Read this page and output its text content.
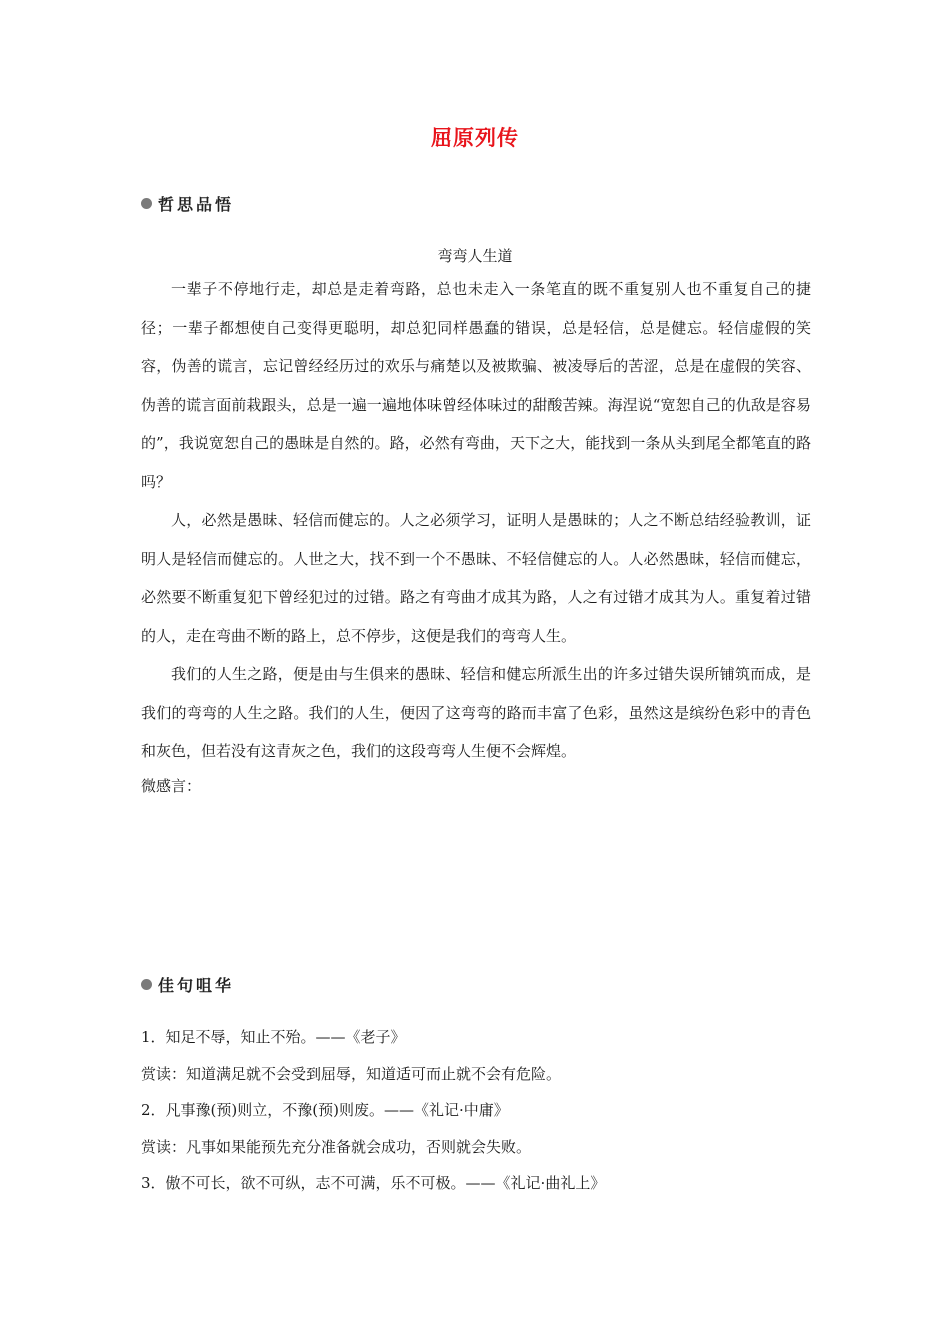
屈原列传
哲思品悟
弯弯人生道

一辈子不停地行走，却总是走着弯路，总也未走入一条笔直的既不重复别人也不重复自己的捷径；一辈子都想使自己变得更聪明，却总犯同样愚蠢的错误，总是轻信，总是健忘。轻信虚假的笑容，伪善的谎言，忘记曾经经历过的欢乐与痛楚以及被欺骗、被凌辱后的苦涩，总是在虚假的笑容、伪善的谎言面前栽跟头，总是一遍一遍地体味曾经体味过的甜酸苦辣。海涅说“宽恕自己的仇敌是容易的”，我说宽恕自己的愚昧是自然的。路，必然有弯曲，天下之大，能找到一条从头到尾全都笔直的路吗？

人，必然是愚昧、轻信而健忘的。人之必须学习，证明人是愚昧的；人之不断总结经验教训，证明人是轻信而健忘的。人世之大，找不到一个不愚昧、不轻信健忘的人。人必然愚昧，轻信而健忘，必然要不断重复犯下曾经犯过的过错。路之有弯曲才成其为路，人之有过错才成其为人。重复着过错的人，走在弯曲不断的路上，总不停步，这便是我们的弯弯人生。

我们的人生之路，便是由与生俱来的愚昧、轻信和健忘所派生出的许多过错失误所铺筑而成，是我们的弯弯的人生之路。我们的人生，便因了这弯弯的路而丰富了色彩，虽然这是缤纷色彩中的青色和灰色，但若没有这青灰之色，我们的这段弯弯人生便不会辉煌。

微感言：

佳句咀华
1．知足不辱，知止不殆。——《老子》
赏读：知道满足就不会受到屈辱，知道适可而止就不会有危险。
2．凡事豫(预)则立，不豫(预)则废。——《礼记·中庸》
赏读：凡事如果能预先充分准备就会成功，否则就会失败。
3．傲不可长，欲不可纵，志不可满，乐不可极。——《礼记·曲礼上》
